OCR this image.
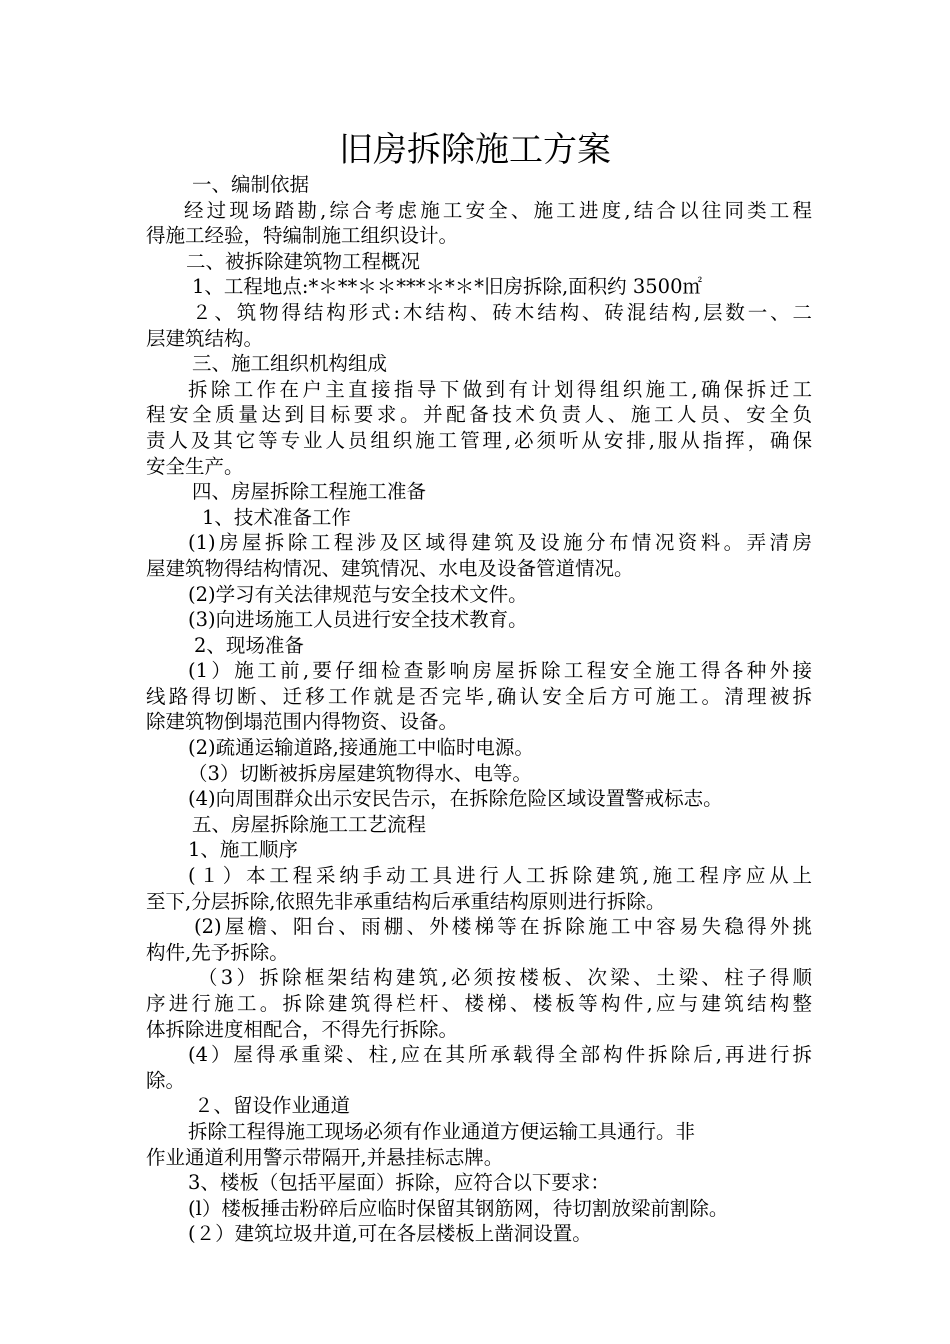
旧房拆除施工方案
一、编制依据
经过现场踏勘,综合考虑施工安全、施工进度,结合以往同类工程
得施工经验，特编制施工组织设计。
二、被拆除建筑物工程概况
1、工程地点:*＊**＊＊***＊*＊*旧房拆除,面积约 3500㎡
２、筑物得结构形式:木结构、砖木结构、砖混结构,层数一、二
层建筑结构。
三、施工组织机构组成
拆除工作在户主直接指导下做到有计划得组织施工,确保拆迁工
程安全质量达到目标要求。并配备技术负责人、施工人员、安全负
责人及其它等专业人员组织施工管理,必须听从安排,服从指挥，确保
安全生产。
四、房屋拆除工程施工准备
1、技术准备工作
(1)房屋拆除工程涉及区域得建筑及设施分布情况资料。弄清房
屋建筑物得结构情况、建筑情况、水电及设备管道情况。
(2)学习有关法律规范与安全技术文件。
(3)向进场施工人员进行安全技术教育。
2、现场准备
(1）施工前,要仔细检查影响房屋拆除工程安全施工得各种外接
线路得切断、迁移工作就是否完毕,确认安全后方可施工。清理被拆
除建筑物倒塌范围内得物资、设备。
(2)疏通运输道路,接通施工中临时电源。
（3）切断被拆房屋建筑物得水、电等。
(4)向周围群众出示安民告示，在拆除危险区域设置警戒标志。
五、房屋拆除施工工艺流程
1、施工顺序
(１）本工程采纳手动工具进行人工拆除建筑,施工程序应从上
至下,分层拆除,依照先非承重结构后承重结构原则进行拆除。
(2)屋檐、阳台、雨棚、外楼梯等在拆除施工中容易失稳得外挑
构件,先予拆除。
（3）拆除框架结构建筑,必须按楼板、次梁、土梁、柱子得顺
序进行施工。拆除建筑得栏杆、楼梯、楼板等构件,应与建筑结构整
体拆除进度相配合，不得先行拆除。
(4）屋得承重梁、柱,应在其所承载得全部构件拆除后,再进行拆
除。
２、留设作业通道
拆除工程得施工现场必须有作业通道方便运输工具通行。非
作业通道利用警示带隔开,并悬挂标志牌。
3、楼板（包括平屋面）拆除，应符合以下要求：
(l）楼板捶击粉碎后应临时保留其钢筋网，待切割放梁前割除。
(２）建筑垃圾井道,可在各层楼板上凿洞设置。
